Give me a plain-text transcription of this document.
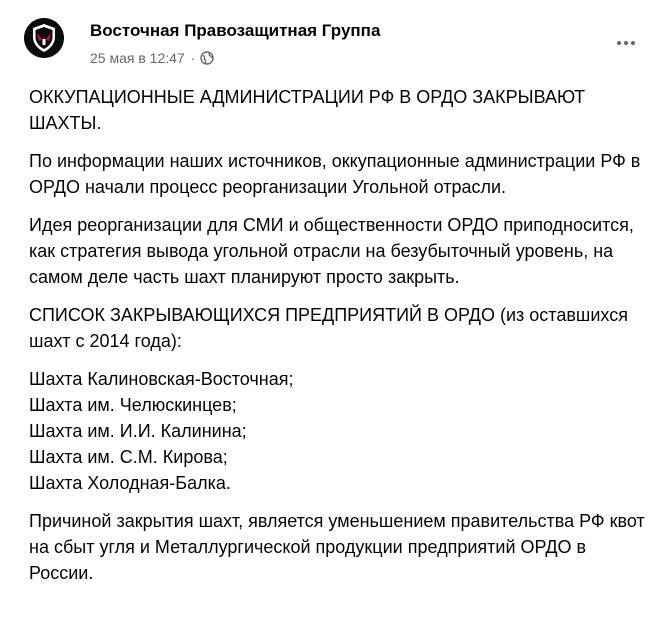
Восточная Правозащитная Группа
25 мая в 12:47 ·

ОККУПАЦИОННЫЕ АДМИНИСТРАЦИИ РФ В ОРДО ЗАКРЫВАЮТ ШАХТЫ.

По информации наших источников, оккупационные администрации РФ в ОРДО начали процесс реорганизации Угольной отрасли.

Идея реорганизации для СМИ и общественности ОРДО приподносится, как стратегия вывода угольной отрасли на безубыточный уровень, на самом деле часть шахт планируют просто закрыть.

СПИСОК ЗАКРЫВАЮЩИХСЯ ПРЕДПРИЯТИЙ В ОРДО (из оставшихся шахт с 2014 года):

Шахта Калиновская-Восточная;
Шахта им. Челюскинцев;
Шахта им. И.И. Калинина;
Шахта им. С.М. Кирова;
Шахта Холодная-Балка.

Причиной закрытия шахт, является уменьшением правительства РФ квот на сбыт угля и Металлургической продукции предприятий ОРДО в России.
